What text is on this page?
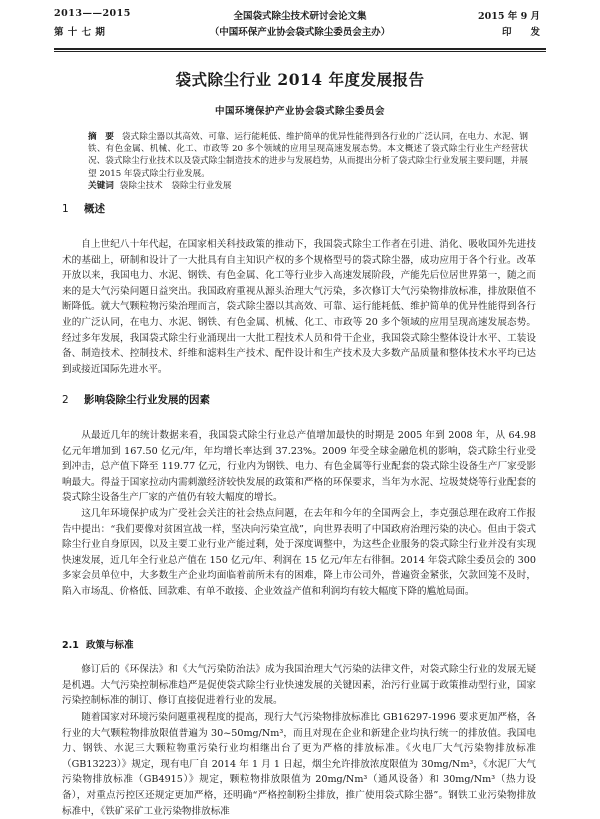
2013——2015
第 十 七 期
全国袋式除尘技术研讨会论文集
（中国环保产业协会袋式除尘委员会主办）
2015 年 9 月
印　　发
袋式除尘行业 2014 年度发展报告
中国环境保护产业协会袋式除尘委员会
摘　要 袋式除尘器以其高效、可靠、运行能耗低、维护简单的优异性能得到各行业的广泛认同，在电力、水泥、钢铁、有色金属、机械、化工、市政等 20 多个领域的应用呈现高速发展态势。本文概述了袋式除尘行业生产经营状况、袋式除尘行业技术以及袋式除尘制造技术的进步与发展趋势，从而提出分析了袋式除尘行业发展主要问题，并展望 2015 年袋式除尘行业发展。
关键词 袋除尘技术　袋除尘行业发展
1 概述

自上世纪八十年代起，在国家相关科技政策的推动下，我国袋式除尘工作者在引进、消化、吸收国外先进技术的基础上，研制和设计了一大批具有自主知识产权的多个规格型号的袋式除尘器，成功应用于各个行业。改革开放以来，我国电力、水泥、钢铁、有色金属、化工等行业步入高速发展阶段，产能先后位居世界第一，随之而来的是大气污染问题日益突出。我国政府重视从源头治理大气污染，多次修订大气污染物排放标准，排放限值不断降低。就大气颗粒物污染治理而言，袋式除尘器以其高效、可靠、运行能耗低、维护简单的优异性能得到各行业的广泛认同，在电力、水泥、钢铁、有色金属、机械、化工、市政等 20 多个领域的应用呈现高速发展态势。经过多年发展，我国袋式除尘行业涌现出一大批工程技术人员和骨干企业，我国袋式除尘整体设计水平、工装设备、制造技术、控制技术、纤维和滤料生产技术、配件设计和生产技术及大多数产品质量和整体技术水平均已达到或接近国际先进水平。

2 影响袋除尘行业发展的因素

从最近几年的统计数据来看，我国袋式除尘行业总产值增加最快的时期是 2005 年到 2008 年，从 64.98 亿元年增加到 167.50 亿元/年，年均增长率达到 37.23%。2009 年受全球金融危机的影响，袋式除尘行业受到冲击，总产值下降至 119.77 亿元，行业内为钢铁、电力、有色金属等行业配套的袋式除尘设备生产厂家受影响最大。得益于国家拉动内需刺激经济较快发展的政策和严格的环保要求，当年为水泥、垃圾焚烧等行业配套的袋式除尘设备生产厂家的产值仍有较大幅度的增长。

这几年环境保护成为广受社会关注的社会热点问题，在去年和今年的全国两会上，李克强总理在政府工作报告中提出：“我们要像对贫困宣战一样，坚决向污染宣战”，向世界表明了中国政府治理污染的决心。但由于袋式除尘行业自身原因，以及主要工业行业产能过剩，处于深度调整中，为这些企业服务的袋式除尘行业并没有实现快速发展，近几年全行业总产值在 150 亿元/年、利润在 15 亿元/年左右徘徊。2014 年袋式除尘委员会的 300 多家会员单位中，大多数生产企业均面临着前所未有的困难，降上市公司外，普遍资金紧张，欠款回笼不及时，陷入市场乱、价格低、回款难、有单不敢接、企业效益产值和利润均有较大幅度下降的尴尬局面。

2.1 政策与标准

修订后的《环保法》和《大气污染防治法》成为我国治理大气污染的法律文件，对袋式除尘行业的发展无疑是机遇。大气污染控制标准趋严是促使袋式除尘行业快速发展的关键因素，治污行业属于政策推动型行业，国家污染控制标准的制订、修订直接促进着行业的发展。

随着国家对环境污染问题重视程度的提高，现行大气污染物排放标准比 GB16297-1996 要求更加严格，各行业的大气颗粒物排放限值普遍为 30~50mg/Nm³，而且对现在企业和新建企业均执行统一的排放值。我国电力、钢铁、水泥三大颗粒物重污染行业均相继出台了更为严格的排放标准。《火电厂大气污染物排放标准（GB13223）》规定，现有电厂自 2014 年 1 月 1 日起，烟尘允许排放浓度限值为 30mg/Nm³，《水泥厂大气污染物排放标准（GB4915）》规定，颗粒物排放限值为 20mg/Nm³（通风设备）和 30mg/Nm³（热力设备），对重点污控区还规定更加严格，还明确“严格控制粉尘排放，推广使用袋式除尘器”。钢铁工业污染物排放标准中，《铁矿采矿工业污染物排放标准
